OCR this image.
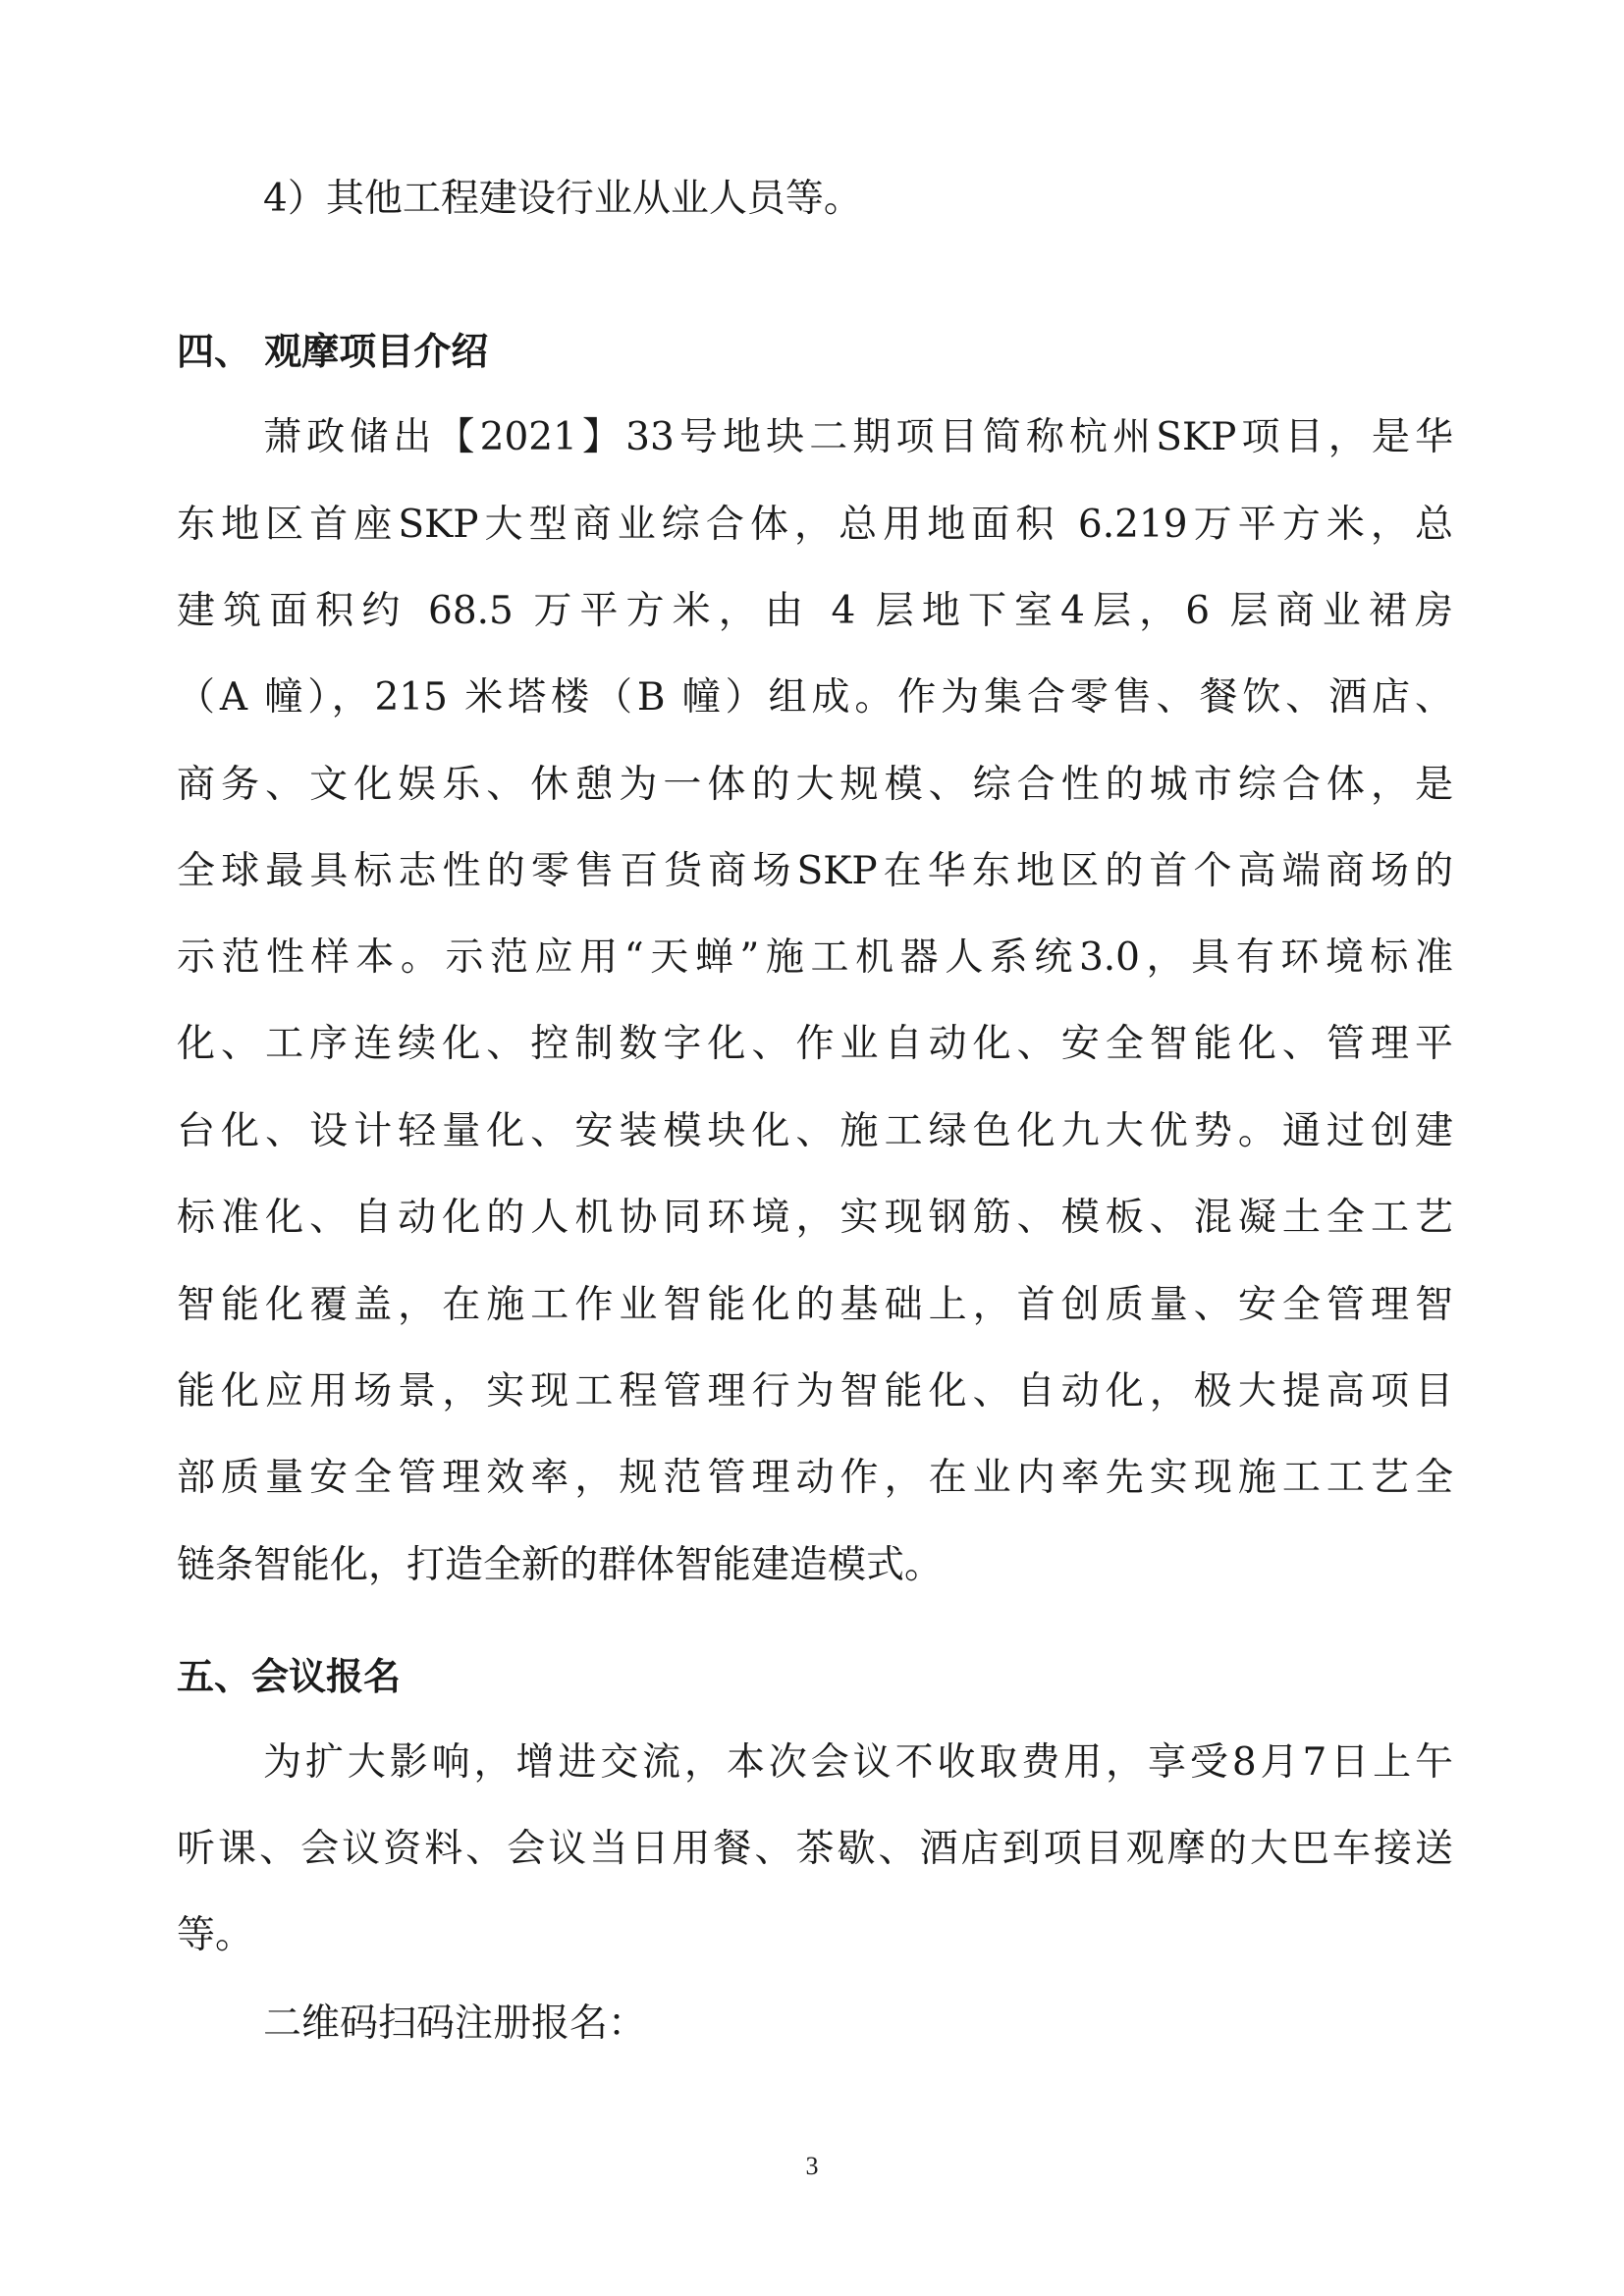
4）其他工程建设行业从业人员等。
四、 观摩项目介绍
萧政储出【2021】33号地块二期项目简称杭州SKP项目，是华
东地区首座SKP大型商业综合体，总用地面积 6.219万平方米，总
建筑面积约 68.5 万平方米，由 4 层地下室4层，6 层商业裙房
（A 幢），215 米塔楼（B 幢）组成。作为集合零售、餐饮、酒店、
商务、文化娱乐、休憩为一体的大规模、综合性的城市综合体，是
全球最具标志性的零售百货商场SKP在华东地区的首个高端商场的
示范性样本。示范应用“天蝉”施工机器人系统3.0，具有环境标准
化、工序连续化、控制数字化、作业自动化、安全智能化、管理平
台化、设计轻量化、安装模块化、施工绿色化九大优势。通过创建
标准化、自动化的人机协同环境，实现钢筋、模板、混凝土全工艺
智能化覆盖，在施工作业智能化的基础上，首创质量、安全管理智
能化应用场景，实现工程管理行为智能化、自动化，极大提高项目
部质量安全管理效率，规范管理动作，在业内率先实现施工工艺全
链条智能化，打造全新的群体智能建造模式。
五、会议报名
为扩大影响，增进交流，本次会议不收取费用，享受8月7日上午
听课、会议资料、会议当日用餐、茶歇、酒店到项目观摩的大巴车接送
等。
二维码扫码注册报名：
3
